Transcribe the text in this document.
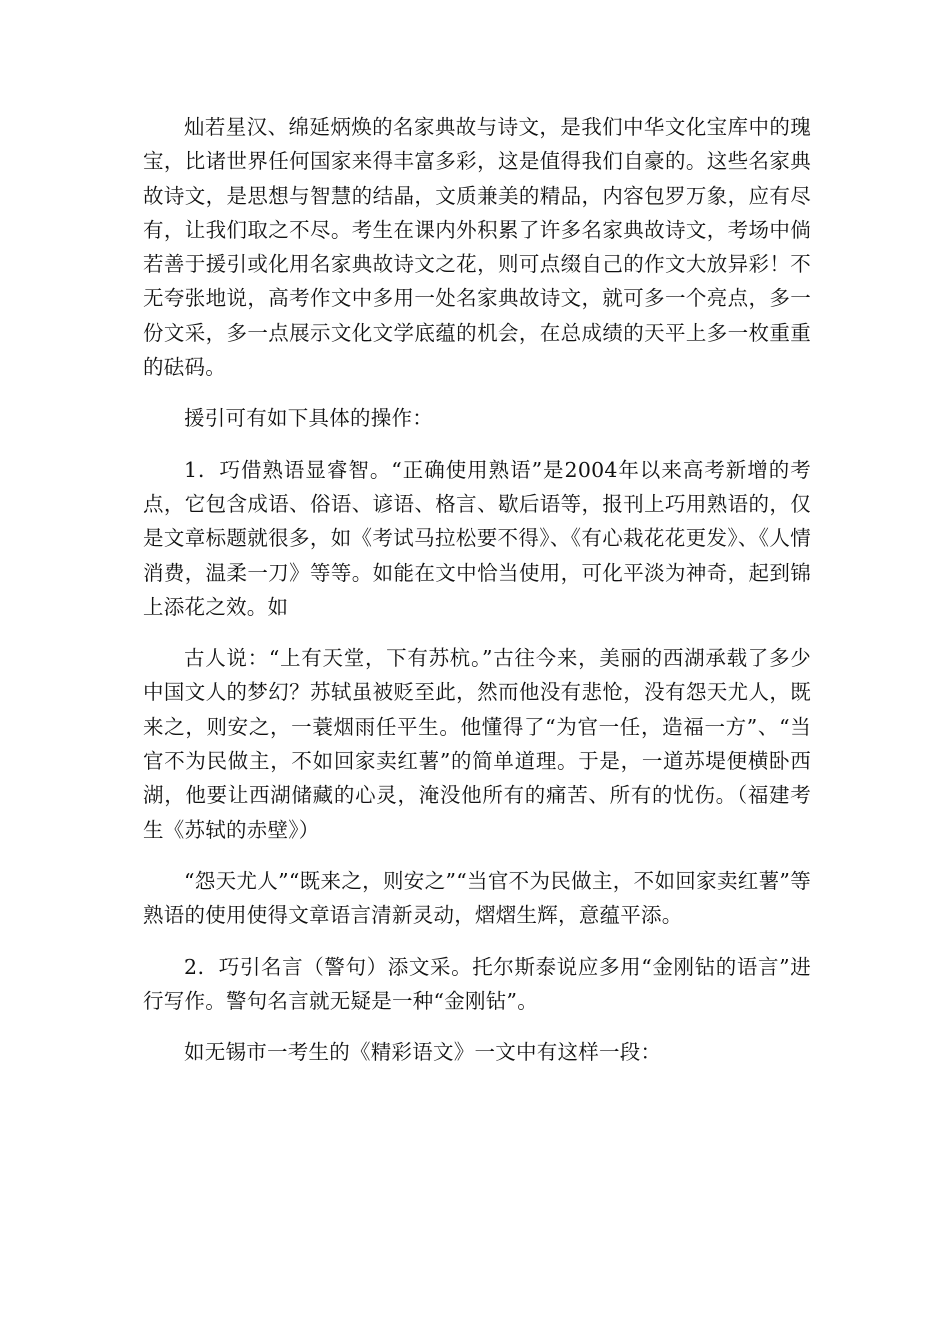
灿若星汉、绵延炳焕的名家典故与诗文，是我们中华文化宝库中的瑰宝，比诸世界任何国家来得丰富多彩，这是值得我们自豪的。这些名家典故诗文，是思想与智慧的结晶，文质兼美的精品，内容包罗万象，应有尽有，让我们取之不尽。考生在课内外积累了许多名家典故诗文，考场中倘若善于援引或化用名家典故诗文之花，则可点缀自己的作文大放异彩！不无夸张地说，高考作文中多用一处名家典故诗文，就可多一个亮点，多一份文采，多一点展示文化文学底蕴的机会，在总成绩的天平上多一枚重重的砝码。

援引可有如下具体的操作：

1．巧借熟语显睿智。“正确使用熟语”是2004年以来高考新增的考点，它包含成语、俗语、谚语、格言、歇后语等，报刊上巧用熟语的，仅是文章标题就很多，如《考试马拉松要不得》、《有心栽花花更发》、《人情消费，温柔一刀》等等。如能在文中恰当使用，可化平淡为神奇，起到锦上添花之效。如

古人说：“上有天堂，下有苏杭。”古往今来，美丽的西湖承载了多少中国文人的梦幻？苏轼虽被贬至此，然而他没有悲怆，没有怨天尤人，既来之，则安之，一蓑烟雨任平生。他懂得了“为官一任，造福一方”、“当官不为民做主，不如回家卖红薯”的简单道理。于是，一道苏堤便横卧西湖，他要让西湖储藏的心灵，淹没他所有的痛苦、所有的忧伤。（福建考生《苏轼的赤壁》）

“怨天尤人”“既来之，则安之”“当官不为民做主，不如回家卖红薯”等熟语的使用使得文章语言清新灵动，熠熠生辉，意蕴平添。

2．巧引名言（警句）添文采。托尔斯泰说应多用“金刚钻的语言”进行写作。警句名言就无疑是一种“金刚钻”。

如无锡市一考生的《精彩语文》一文中有这样一段：
